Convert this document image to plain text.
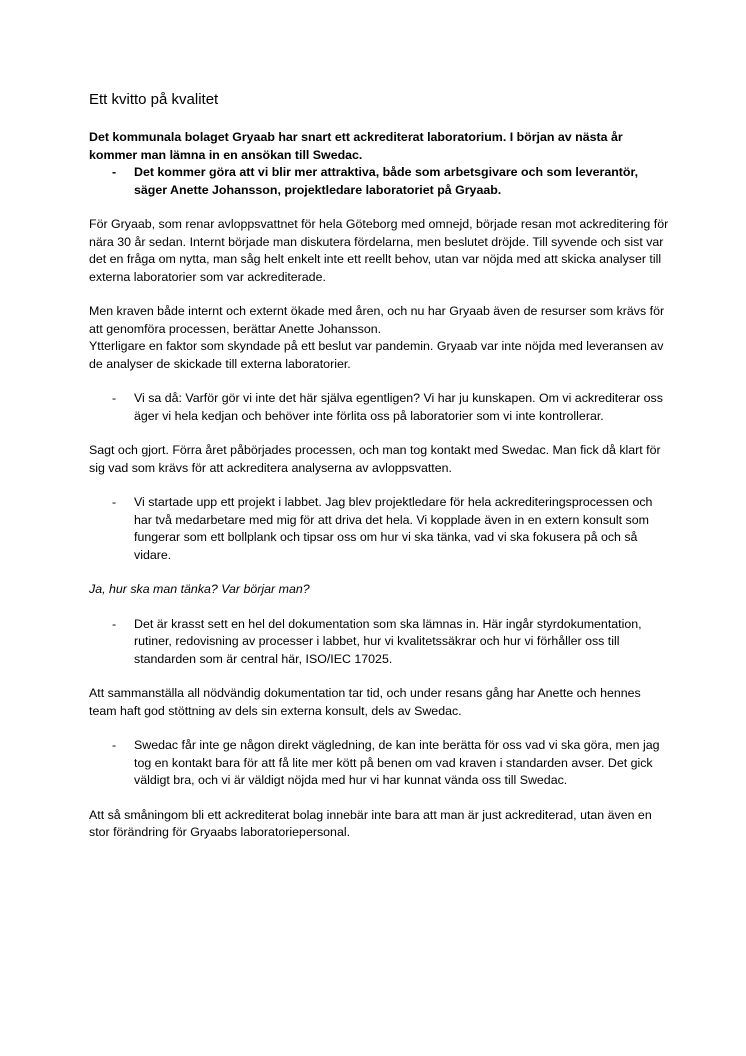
Ett kvitto på kvalitet

Det kommunala bolaget Gryaab har snart ett ackrediterat laboratorium. I början av nästa år kommer man lämna in en ansökan till Swedac.

- Det kommer göra att vi blir mer attraktiva, både som arbetsgivare och som leverantör, säger Anette Johansson, projektledare laboratoriet på Gryaab.

För Gryaab, som renar avloppsvattnet för hela Göteborg med omnejd, började resan mot ackreditering för nära 30 år sedan. Internt började man diskutera fördelarna, men beslutet dröjde. Till syvende och sist var det en fråga om nytta, man såg helt enkelt inte ett reellt behov, utan var nöjda med att skicka analyser till externa laboratorier som var ackrediterade.

Men kraven både internt och externt ökade med åren, och nu har Gryaab även de resurser som krävs för att genomföra processen, berättar Anette Johansson.

Ytterligare en faktor som skyndade på ett beslut var pandemin. Gryaab var inte nöjda med leveransen av de analyser de skickade till externa laboratorier.

- Vi sa då: Varför gör vi inte det här själva egentligen? Vi har ju kunskapen. Om vi ackrediterar oss äger vi hela kedjan och behöver inte förlita oss på laboratorier som vi inte kontrollerar.

Sagt och gjort. Förra året påbörjades processen, och man tog kontakt med Swedac. Man fick då klart för sig vad som krävs för att ackreditera analyserna av avloppsvatten.

- Vi startade upp ett projekt i labbet. Jag blev projektledare för hela ackrediteringsprocessen och har två medarbetare med mig för att driva det hela. Vi kopplade även in en extern konsult som fungerar som ett bollplank och tipsar oss om hur vi ska tänka, vad vi ska fokusera på och så vidare.

Ja, hur ska man tänka? Var börjar man?

- Det är krasst sett en hel del dokumentation som ska lämnas in. Här ingår styrdokumentation, rutiner, redovisning av processer i labbet, hur vi kvalitetssäkrar och hur vi förhåller oss till standarden som är central här, ISO/IEC 17025.

Att sammanställa all nödvändig dokumentation tar tid, och under resans gång har Anette och hennes team haft god stöttning av dels sin externa konsult, dels av Swedac.

- Swedac får inte ge någon direkt vägledning, de kan inte berätta för oss vad vi ska göra, men jag tog en kontakt bara för att få lite mer kött på benen om vad kraven i standarden avser. Det gick väldigt bra, och vi är väldigt nöjda med hur vi har kunnat vända oss till Swedac.

Att så småningom bli ett ackrediterat bolag innebär inte bara att man är just ackrediterad, utan även en stor förändring för Gryaabs laboratoriepersonal.
